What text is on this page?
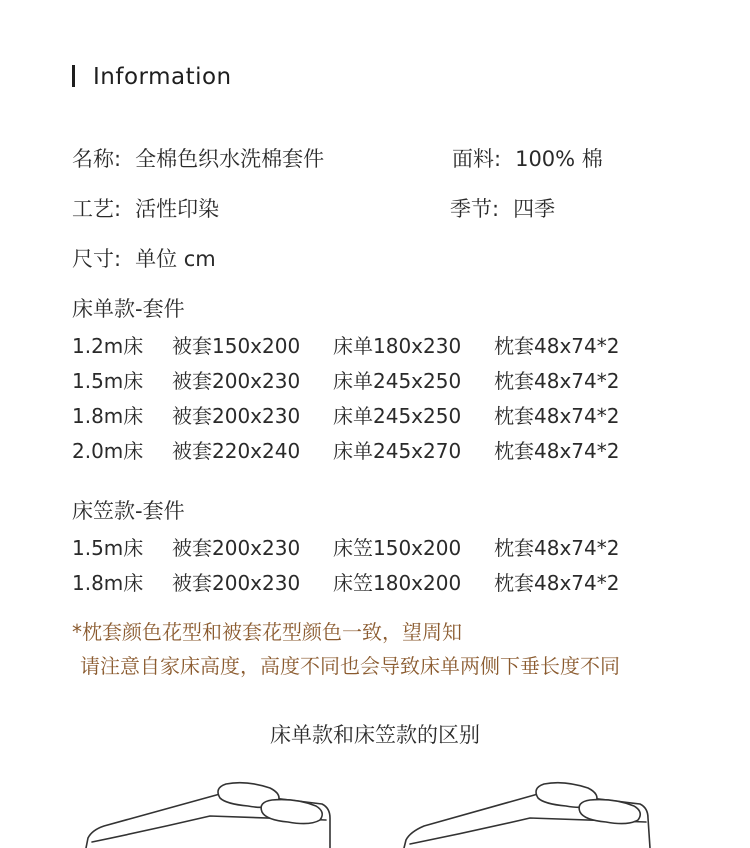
Information
名称: 全棉色织水洗棉套件	面料: 100% 棉
工艺: 活性印染	季节: 四季
尺寸: 单位 cm
床单款-套件
1.2m床 被套150x200 床单180x230 枕套48x74*2
1.5m床 被套200x230 床单245x250 枕套48x74*2
1.8m床 被套200x230 床单245x250 枕套48x74*2
2.0m床 被套220x240 床单245x270 枕套48x74*2
床笠款-套件
1.5m床 被套200x230 床笠150x200 枕套48x74*2
1.8m床 被套200x230 床笠180x200 枕套48x74*2
*枕套颜色花型和被套花型颜色一致，望周知
请注意自家床高度，高度不同也会导致床单两侧下垂长度不同
床单款和床笠款的区别
